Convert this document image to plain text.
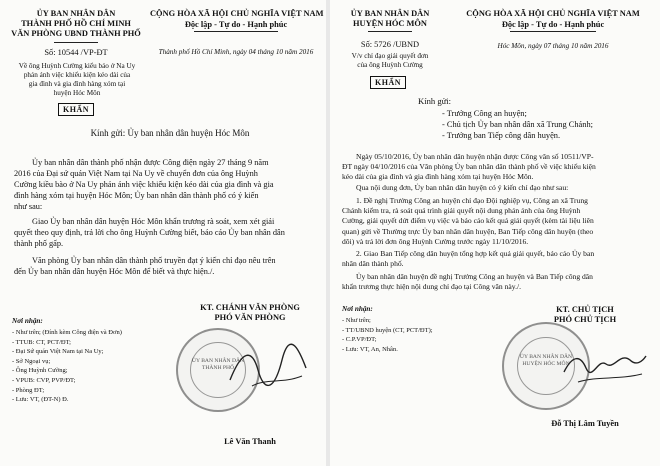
ỦY BAN NHÂN DÂN
THÀNH PHỐ HỒ CHÍ MINH
VĂN PHÒNG UBND THÀNH PHỐ
CỘNG HÒA XÃ HỘI CHỦ NGHĨA VIỆT NAM
Độc lập - Tự do - Hạnh phúc
Số: 10544 /VP-ĐT	Thành phố Hồ Chí Minh, ngày 04 tháng 10 năm 2016
Về ông Huỳnh Cường kiểu báo ở Na Uy
phản ánh việc khiếu kiện kéo dài của
gia đình và gia đình hàng xóm tại
huyện Hóc Môn
KHẨN
Kính gửi: Ủy ban nhân dân huyện Hóc Môn
Ủy ban nhân dân thành phố nhận được Công điện ngày 27 tháng 9 năm
2016 của Đại sứ quán Việt Nam tại Na Uy về chuyển đơn của ông Huỳnh
Cường kiều bào ở Na Uy phản ánh việc khiếu kiện kéo dài của gia đình và gia
đình hàng xóm tại huyện Hóc Môn; Ủy ban nhân dân thành phố có ý kiến
như sau:
Giao Ủy ban nhân dân huyện Hóc Môn khẩn trương rà soát, xem xét giải
quyết theo quy định, trả lời cho ông Huỳnh Cường biết, báo cáo Ủy ban nhân dân
thành phố gấp.
Văn phòng Ủy ban nhân dân thành phố truyền đạt ý kiến chỉ đạo nêu trên
đến Ủy ban nhân dân huyện Hóc Môn để biết và thực hiện./.
Nơi nhận:
- Như trên; (Đính kèm Công điện và Đơn)
- TTUB: CT, PCT/ĐT;
- Đại Sứ quán Việt Nam tại Na Uy;
- Sở Ngoại vụ;
- Ông Huỳnh Cường;
- VPUB: CVP, PVP/ĐT;
- Phòng ĐT;
- Lưu: VT, (ĐT-N) Đ.
KT. CHÁNH VĂN PHÒNG
PHÓ VĂN PHÒNG
ỦY BAN NHÂN DÂN
THÀNH PHỐ
Lê Văn Thanh
ỦY BAN NHÂN DÂN
HUYỆN HÓC MÔN
CỘNG HÒA XÃ HỘI CHỦ NGHĨA VIỆT NAM
Độc lập - Tự do - Hạnh phúc
Số: 5726 /UBND
V/v chỉ đạo giải quyết đơn
của ông Huỳnh Cường
Hóc Môn, ngày 07 tháng 10 năm 2016
KHẨN
Kính gửi:
- Trưởng Công an huyện;
- Chủ tịch Ủy ban nhân dân xã Trung Chánh;
- Trưởng ban Tiếp công dân huyện.
Ngày 05/10/2016, Ủy ban nhân dân huyện nhận được Công văn số 10511/VP-
ĐT ngày 04/10/2016 của Văn phòng Ủy ban nhân dân thành phố về việc khiếu kiện
kéo dài của gia đình và gia đình hàng xóm tại huyện Hóc Môn.
Qua nội dung đơn, Ủy ban nhân dân huyện có ý kiến chỉ đạo như sau:
1. Đề nghị Trưởng Công an huyện chỉ đạo Đội nghiệp vụ, Công an xã Trung
Chánh kiểm tra, rà soát quá trình giải quyết nội dung phản ánh của ông Huỳnh
Cường, giải quyết dứt điểm vụ việc và báo cáo kết quả giải quyết (kèm tài liệu liên
quan) gửi về Thường trực Ủy ban nhân dân huyện, Ban Tiếp công dân huyện (theo
dõi) và trả lời đơn ông Huỳnh Cường trước ngày 11/10/2016.
2. Giao Ban Tiếp công dân huyện tổng hợp kết quả giải quyết, báo cáo Ủy ban
nhân dân thành phố.
Ủy ban nhân dân huyện đề nghị Trưởng Công an huyện và Ban Tiếp công dân
khẩn trương thực hiện nội dung chỉ đạo tại Công văn này./.
Nơi nhận:
- Như trên;
- TT/UBND huyện (CT, PCT/ĐT);
- C.P.VP/ĐT;
- Lưu: VT, An, Nhân.
KT. CHỦ TỊCH
PHÓ CHỦ TỊCH
ỦY BAN NHÂN DÂN
HUYỆN HÓC MÔN
Đỗ Thị Lâm Tuyền
